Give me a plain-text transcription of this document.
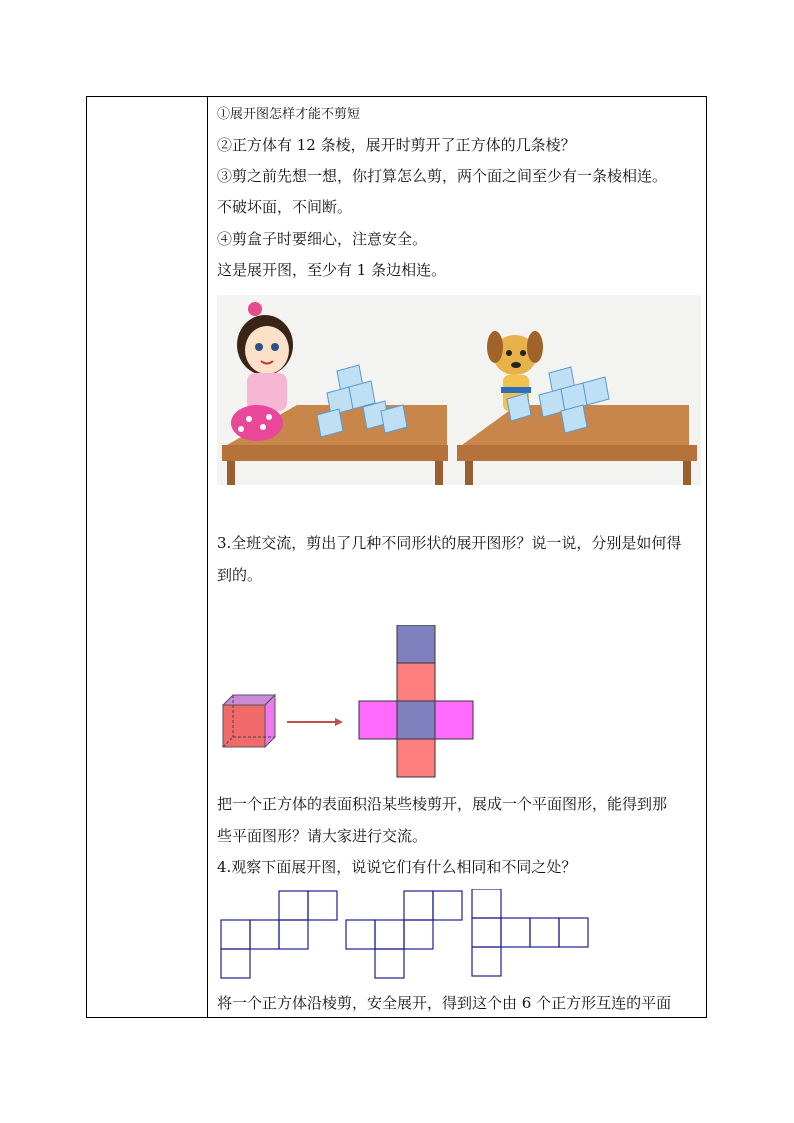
①展开图怎样才能不剪短
②正方体有 12 条棱，展开时剪开了正方体的几条棱？
③剪之前先想一想，你打算怎么剪，两个面之间至少有一条棱相连。
不破坏面，不间断。
④剪盒子时要细心，注意安全。
这是展开图，至少有 1 条边相连。
3.全班交流，剪出了几种不同形状的展开图形？说一说，分别是如何得
到的。
把一个正方体的表面积沿某些棱剪开，展成一个平面图形，能得到那
些平面图形？请大家进行交流。
4.观察下面展开图，说说它们有什么相同和不同之处？
将一个正方体沿棱剪，安全展开，得到这个由 6 个正方形互连的平面
